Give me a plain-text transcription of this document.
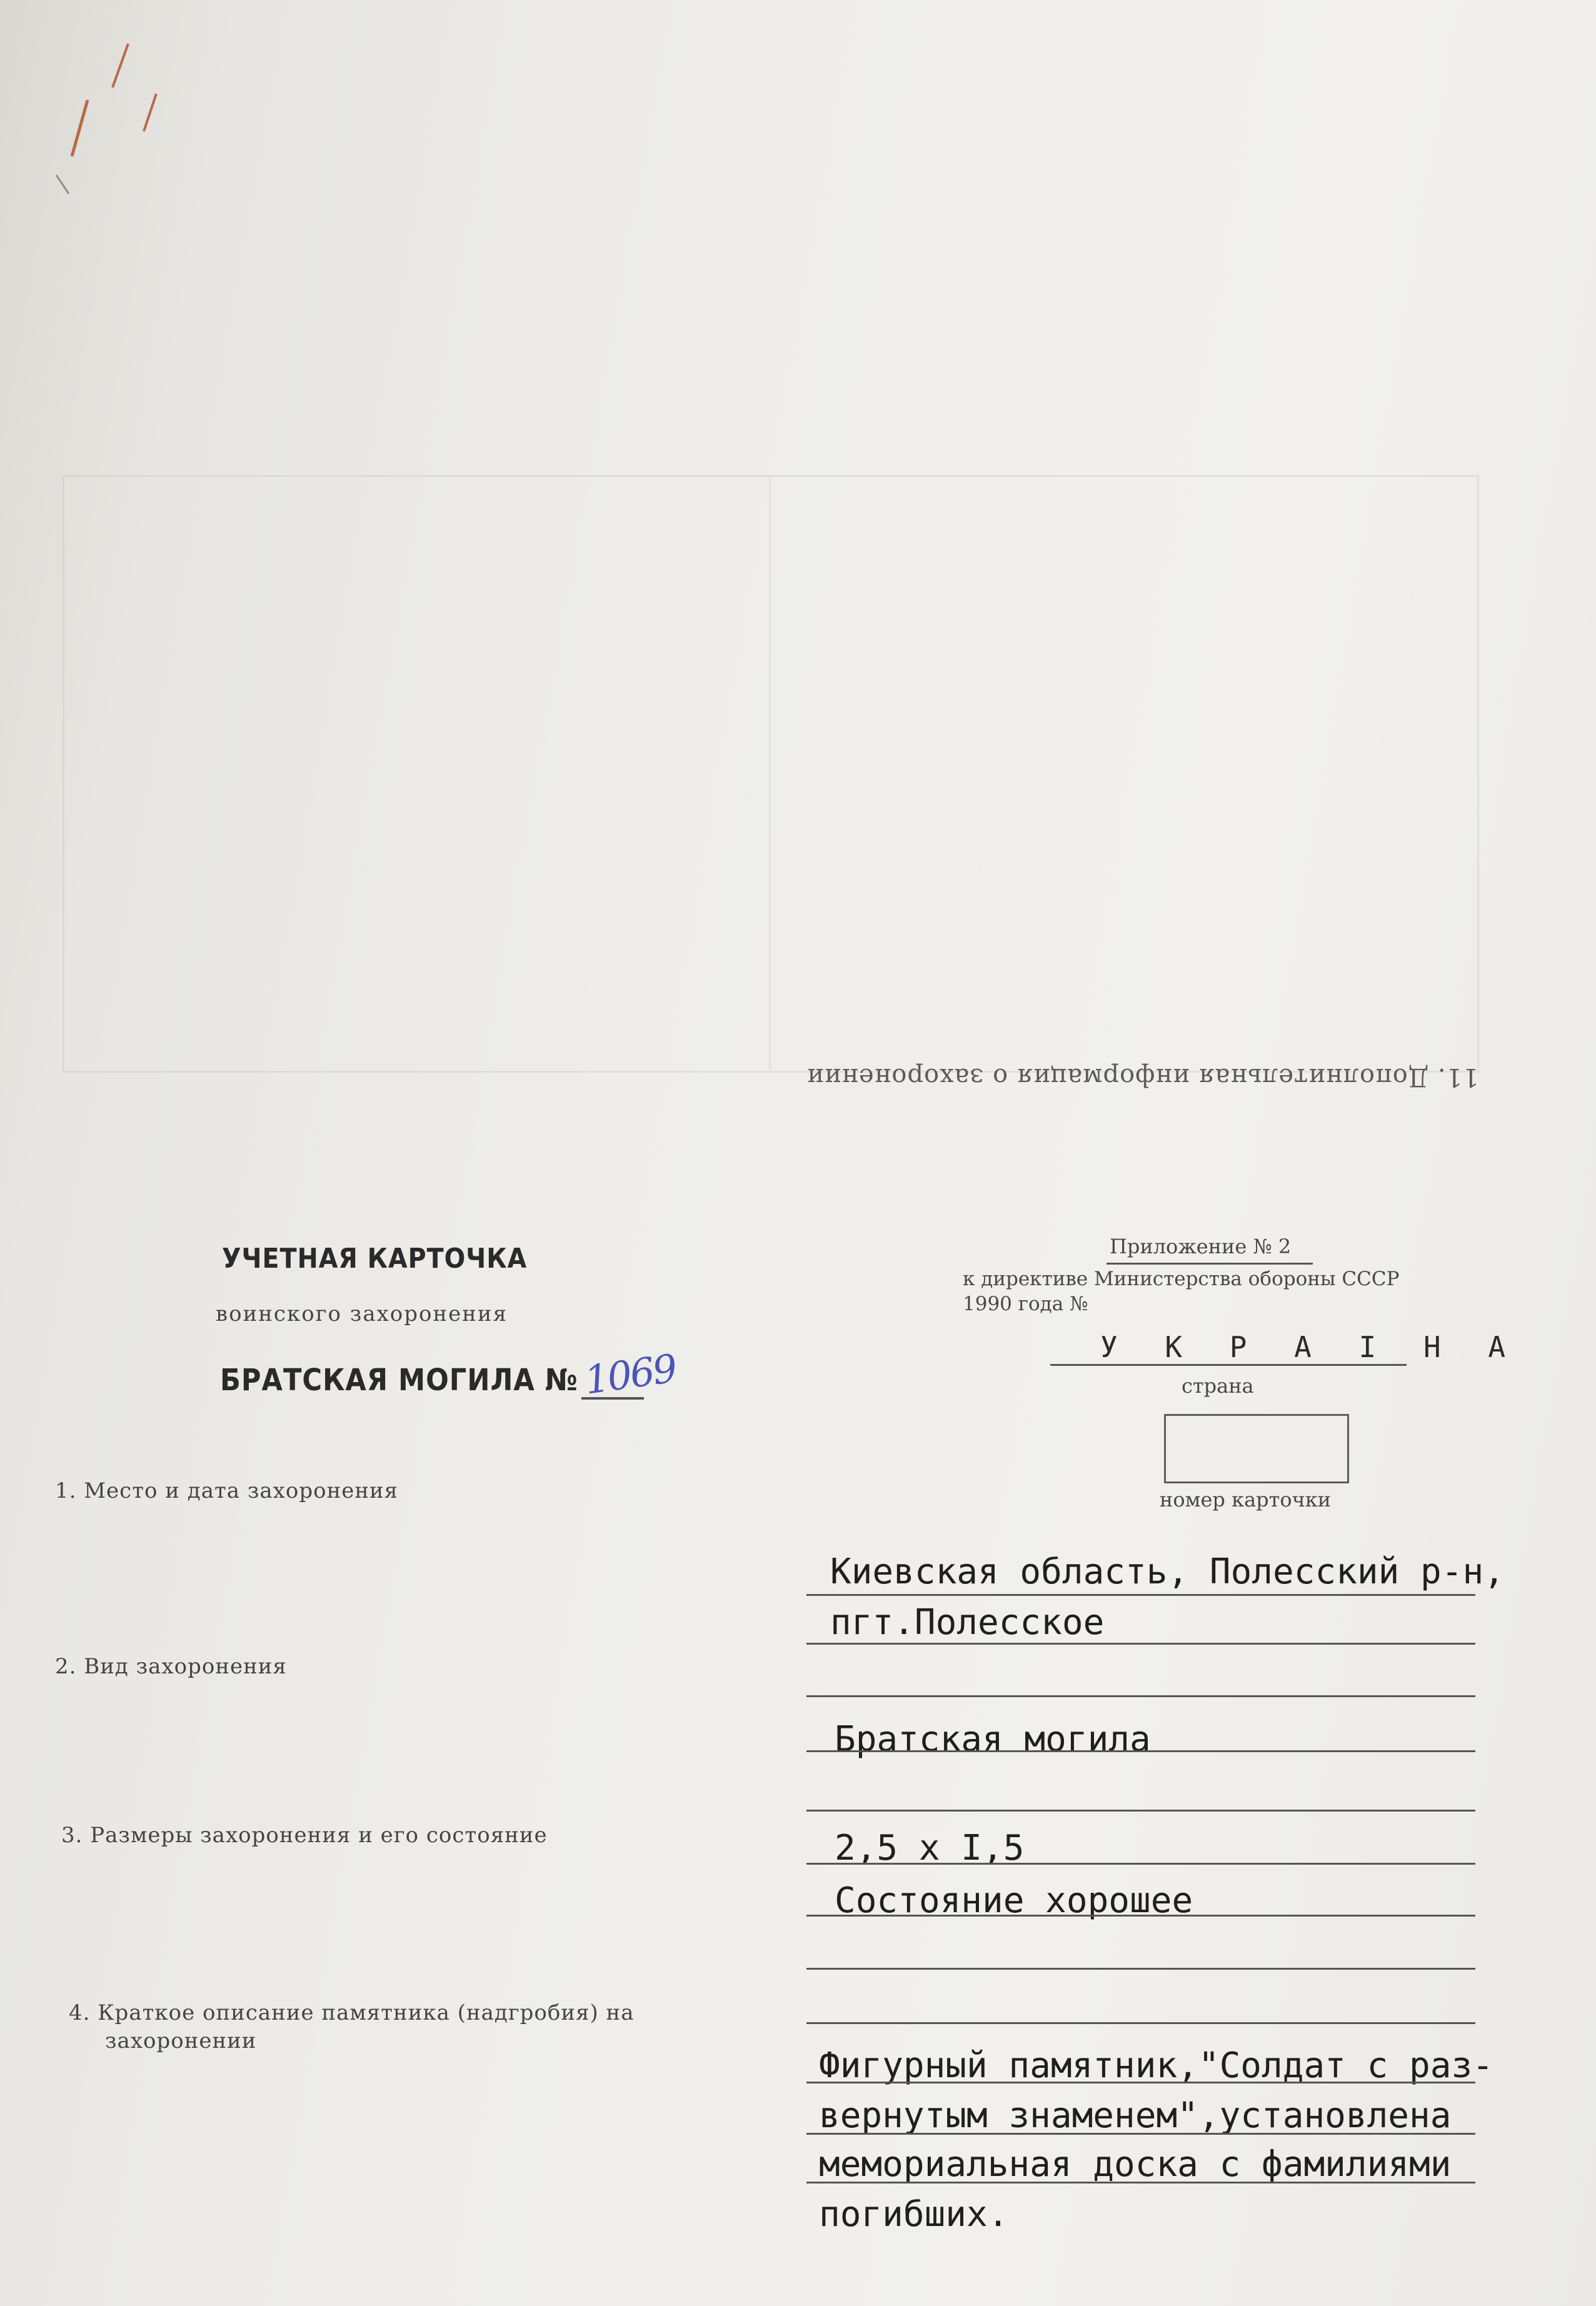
11. Дополнительная информация о захоронении
УЧЕТНАЯ КАРТОЧКА
воинского захоронения
БРАТСКАЯ МОГИЛА № 1069
Приложение № 2
к директиве Министерства обороны СССР
1990 года №
У К Р А І Н А
страна
номер карточки
1. Место и дата захоронения
Киевская область, Полесский р-н,
пгт.Полесское
2. Вид захоронения
Братская могила
3. Размеры захоронения и его состояние	2,5 х I,5
Состояние хорошее
4. Краткое описание памятника (надгробия) на
захоронении
Фигурный памятник,"Солдат с раз-
вернутым знаменем",установлена
мемориальная доска с фамилиями
погибших.
